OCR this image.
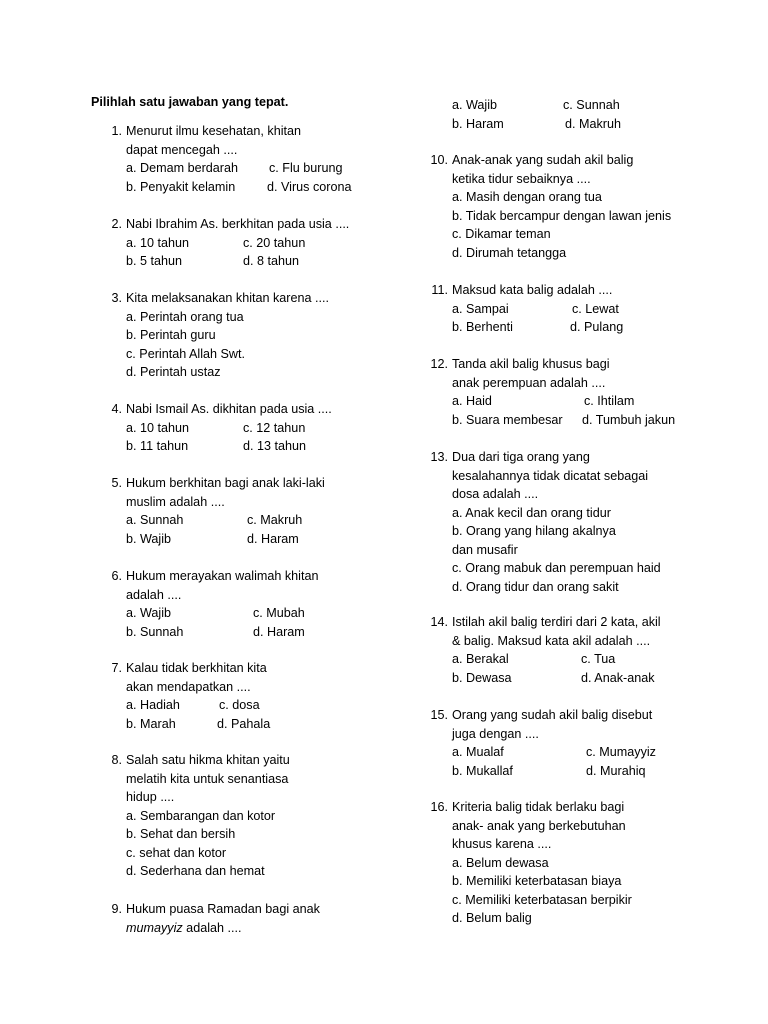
Pilihlah satu jawaban yang tepat.
1. Menurut ilmu kesehatan, khitan
dapat mencegah ....
a. Demam berdarah c. Flu burung
b. Penyakit kelamin	d. Virus corona
2. Nabi Ibrahim As. berkhitan pada usia ....
a. 10 tahun	c. 20 tahun
b. 5 tahun	d. 8 tahun
3. Kita melaksanakan khitan karena ....
a. Perintah orang tua
b. Perintah guru
c. Perintah Allah Swt.
d. Perintah ustaz
4. Nabi Ismail As. dikhitan pada usia ....
a. 10 tahun	c. 12 tahun
b. 11 tahun	d. 13 tahun
5. Hukum berkhitan bagi anak laki-laki
muslim adalah ....
a. Sunnah	c. Makruh
b. Wajib	d. Haram
6. Hukum merayakan walimah khitan
adalah ....
a. Wajib	c. Mubah
b. Sunnah	d. Haram
7. Kalau tidak berkhitan kita
akan mendapatkan ....
a. Hadiah	c. dosa
b. Marah	d. Pahala
8. Salah satu hikma khitan yaitu
melatih kita untuk senantiasa
hidup ....
a. Sembarangan dan kotor
b. Sehat dan bersih
c. sehat dan kotor
d. Sederhana dan hemat
9. Hukum puasa Ramadan bagi anak
mumayyiz adalah ....
a. Wajib	c. Sunnah
b. Haram	d. Makruh
10. Anak-anak yang sudah akil balig
ketika tidur sebaiknya ....
a. Masih dengan orang tua
b. Tidak bercampur dengan lawan jenis
c. Dikamar teman
d. Dirumah tetangga
11. Maksud kata balig adalah ....
a. Sampai	c. Lewat
b. Berhenti	d. Pulang
12. Tanda akil balig khusus bagi
anak perempuan adalah ....
a. Haid	c. Ihtilam
b. Suara membesar d. Tumbuh jakun
13. Dua dari tiga orang yang
kesalahannya tidak dicatat sebagai
dosa adalah ....
a. Anak kecil dan orang tidur
b. Orang yang hilang akalnya
dan musafir
c. Orang mabuk dan perempuan haid
d. Orang tidur dan orang sakit
14. Istilah akil balig terdiri dari 2 kata, akil
& balig. Maksud kata akil adalah ....
a. Berakal	c. Tua
b. Dewasa	d. Anak-anak
15. Orang yang sudah akil balig disebut
juga dengan ....
a. Mualaf	c. Mumayyiz
b. Mukallaf	d. Murahiq
16. Kriteria balig tidak berlaku bagi
anak- anak yang berkebutuhan
khusus karena ....
a. Belum dewasa
b. Memiliki keterbatasan biaya
c. Memiliki keterbatasan berpikir
d. Belum balig
